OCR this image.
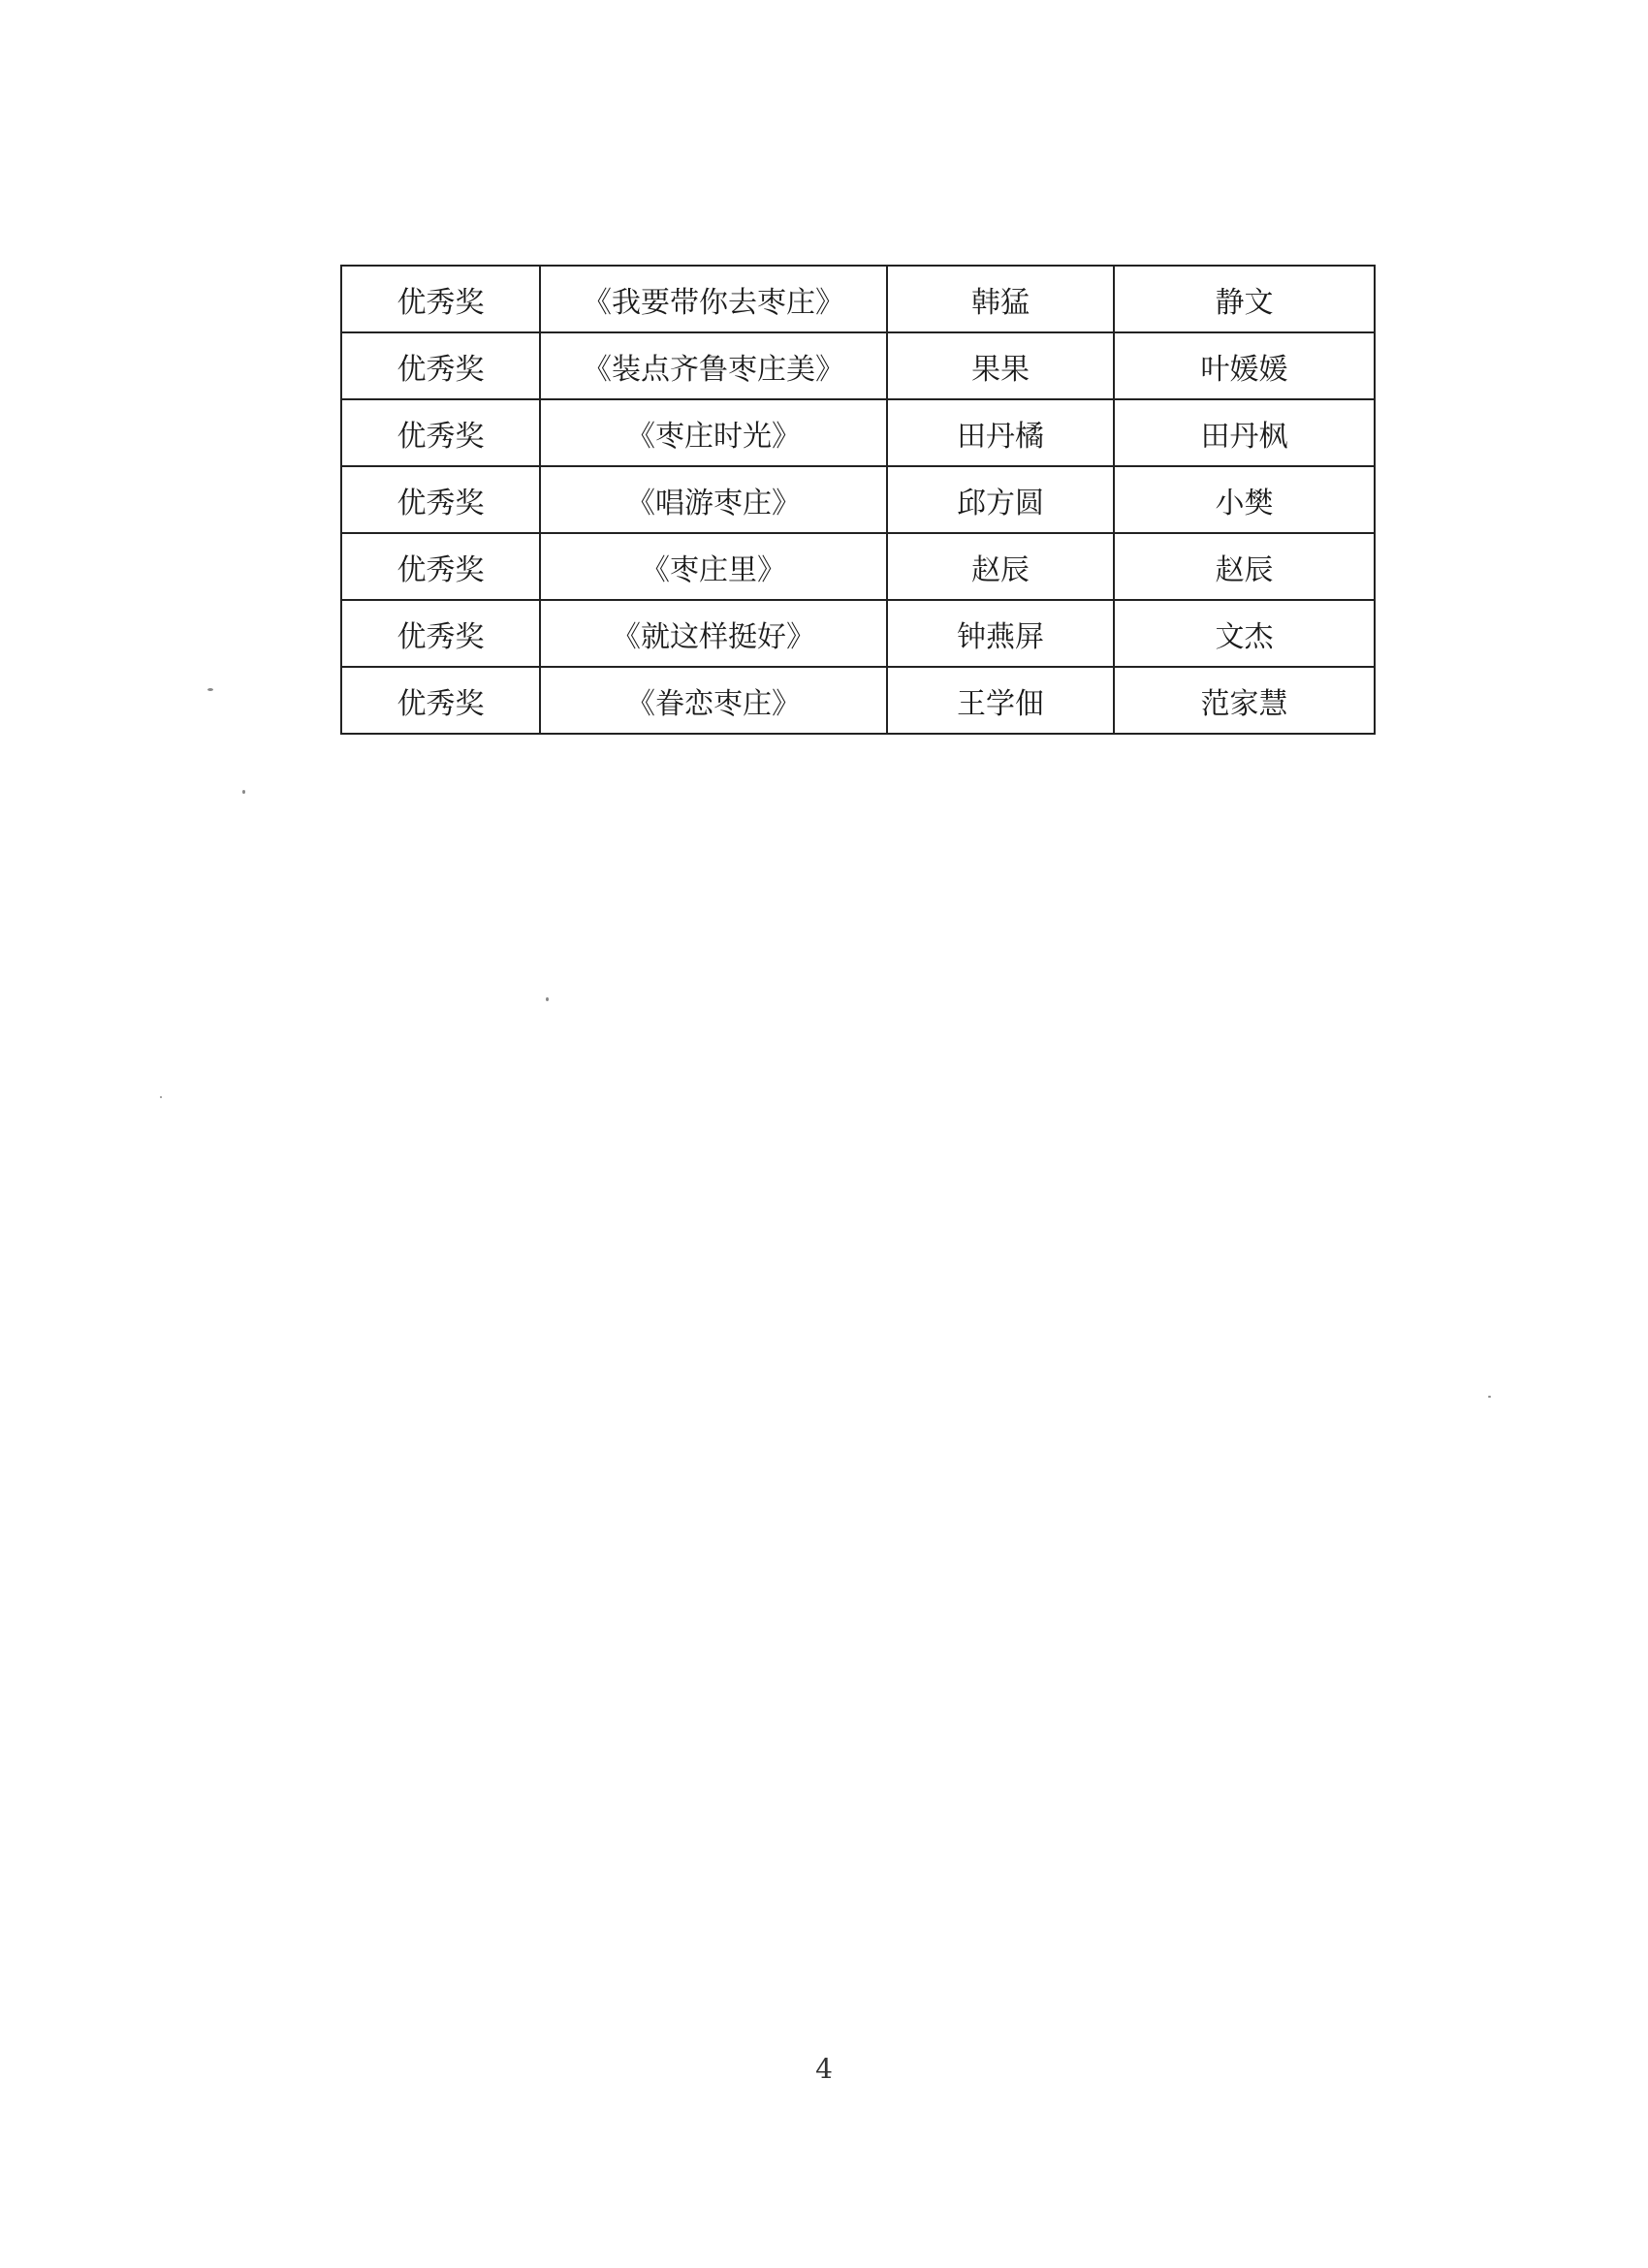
优秀奖	《我要带你去枣庄》	韩猛	静文
优秀奖	《装点齐鲁枣庄美》	果果	叶媛媛
优秀奖	《枣庄时光》	田丹橘	田丹枫
优秀奖	《唱游枣庄》	邱方圆	小樊
优秀奖	《枣庄里》	赵辰	赵辰
优秀奖	《就这样挺好》	钟燕屏	文杰
优秀奖	《眷恋枣庄》	王学佃	范家慧
4
